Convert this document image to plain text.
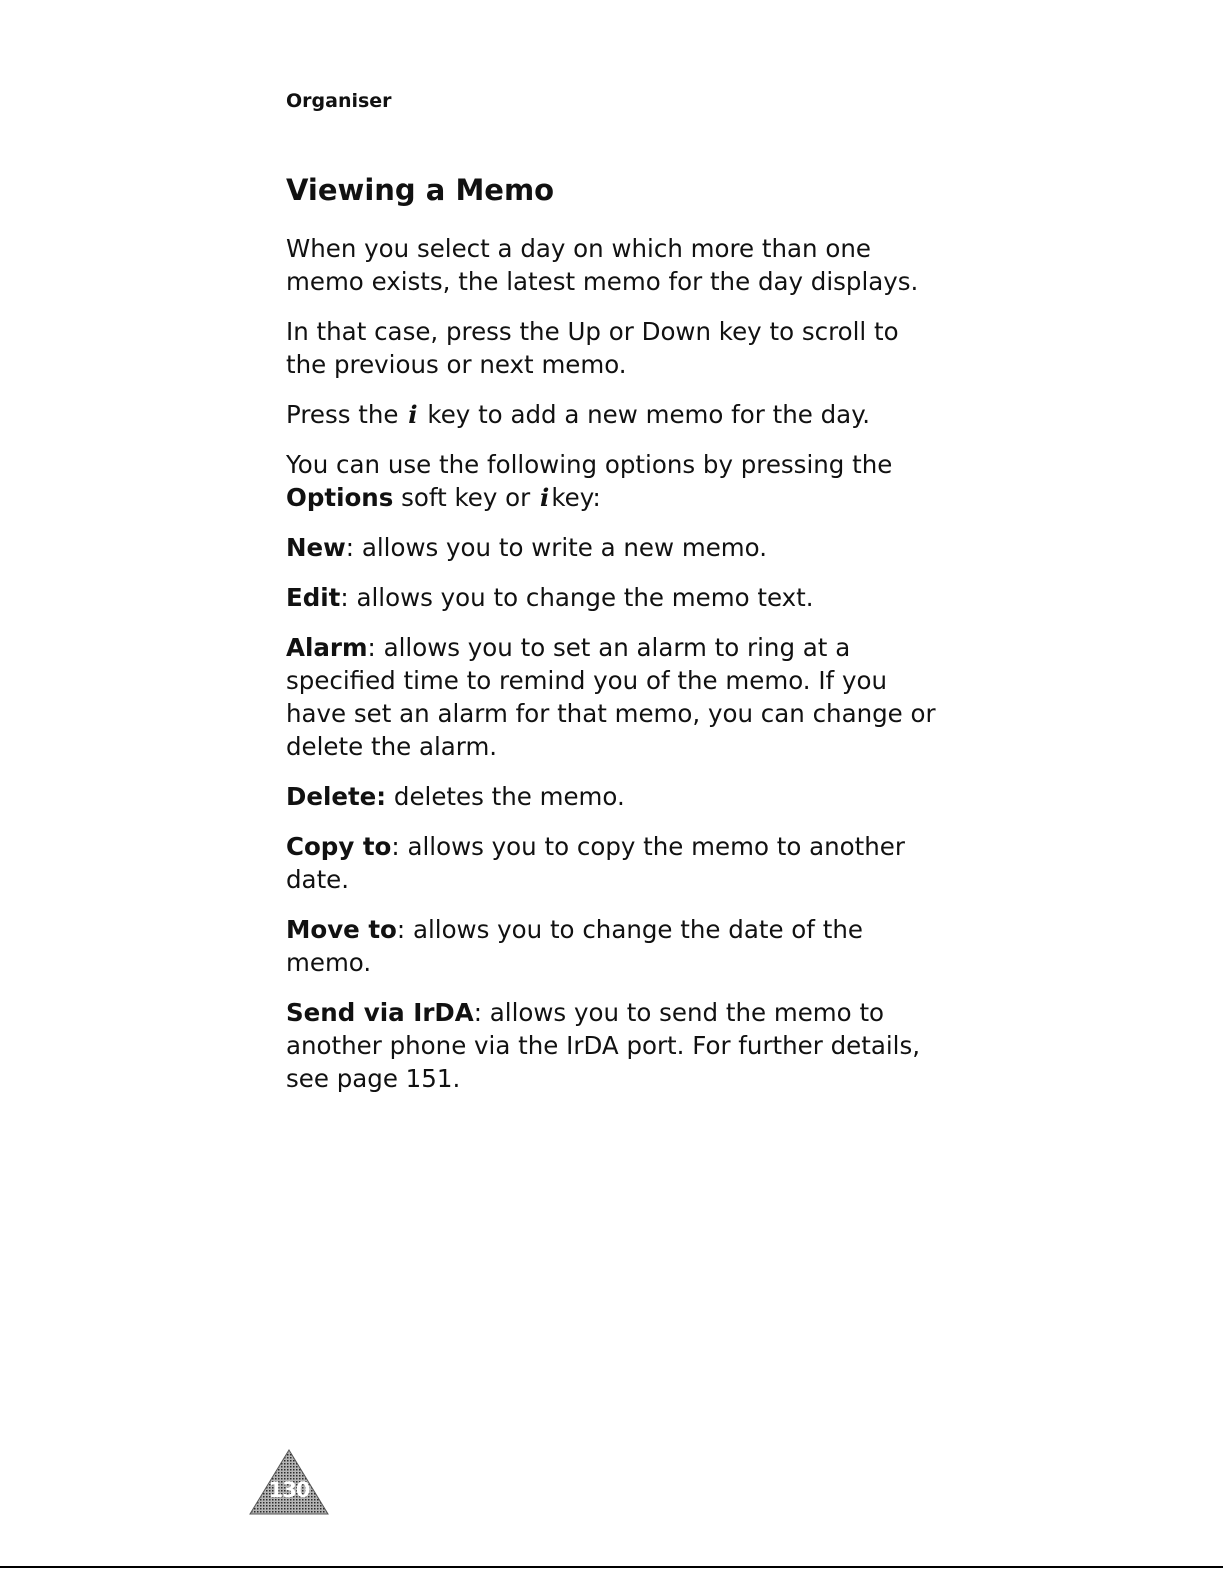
Organiser
Viewing a Memo

When you select a day on which more than one memo exists, the latest memo for the day displays.

In that case, press the Up or Down key to scroll to the previous or next memo.

Press the i key to add a new memo for the day.

You can use the following options by pressing the Options soft key or ikey:

New: allows you to write a new memo.

Edit: allows you to change the memo text.

Alarm: allows you to set an alarm to ring at a specified time to remind you of the memo. If you have set an alarm for that memo, you can change or delete the alarm.

Delete: deletes the memo.

Copy to: allows you to copy the memo to another date.

Move to: allows you to change the date of the memo.

Send via IrDA: allows you to send the memo to another phone via the IrDA port. For further details, see page 151.

130
